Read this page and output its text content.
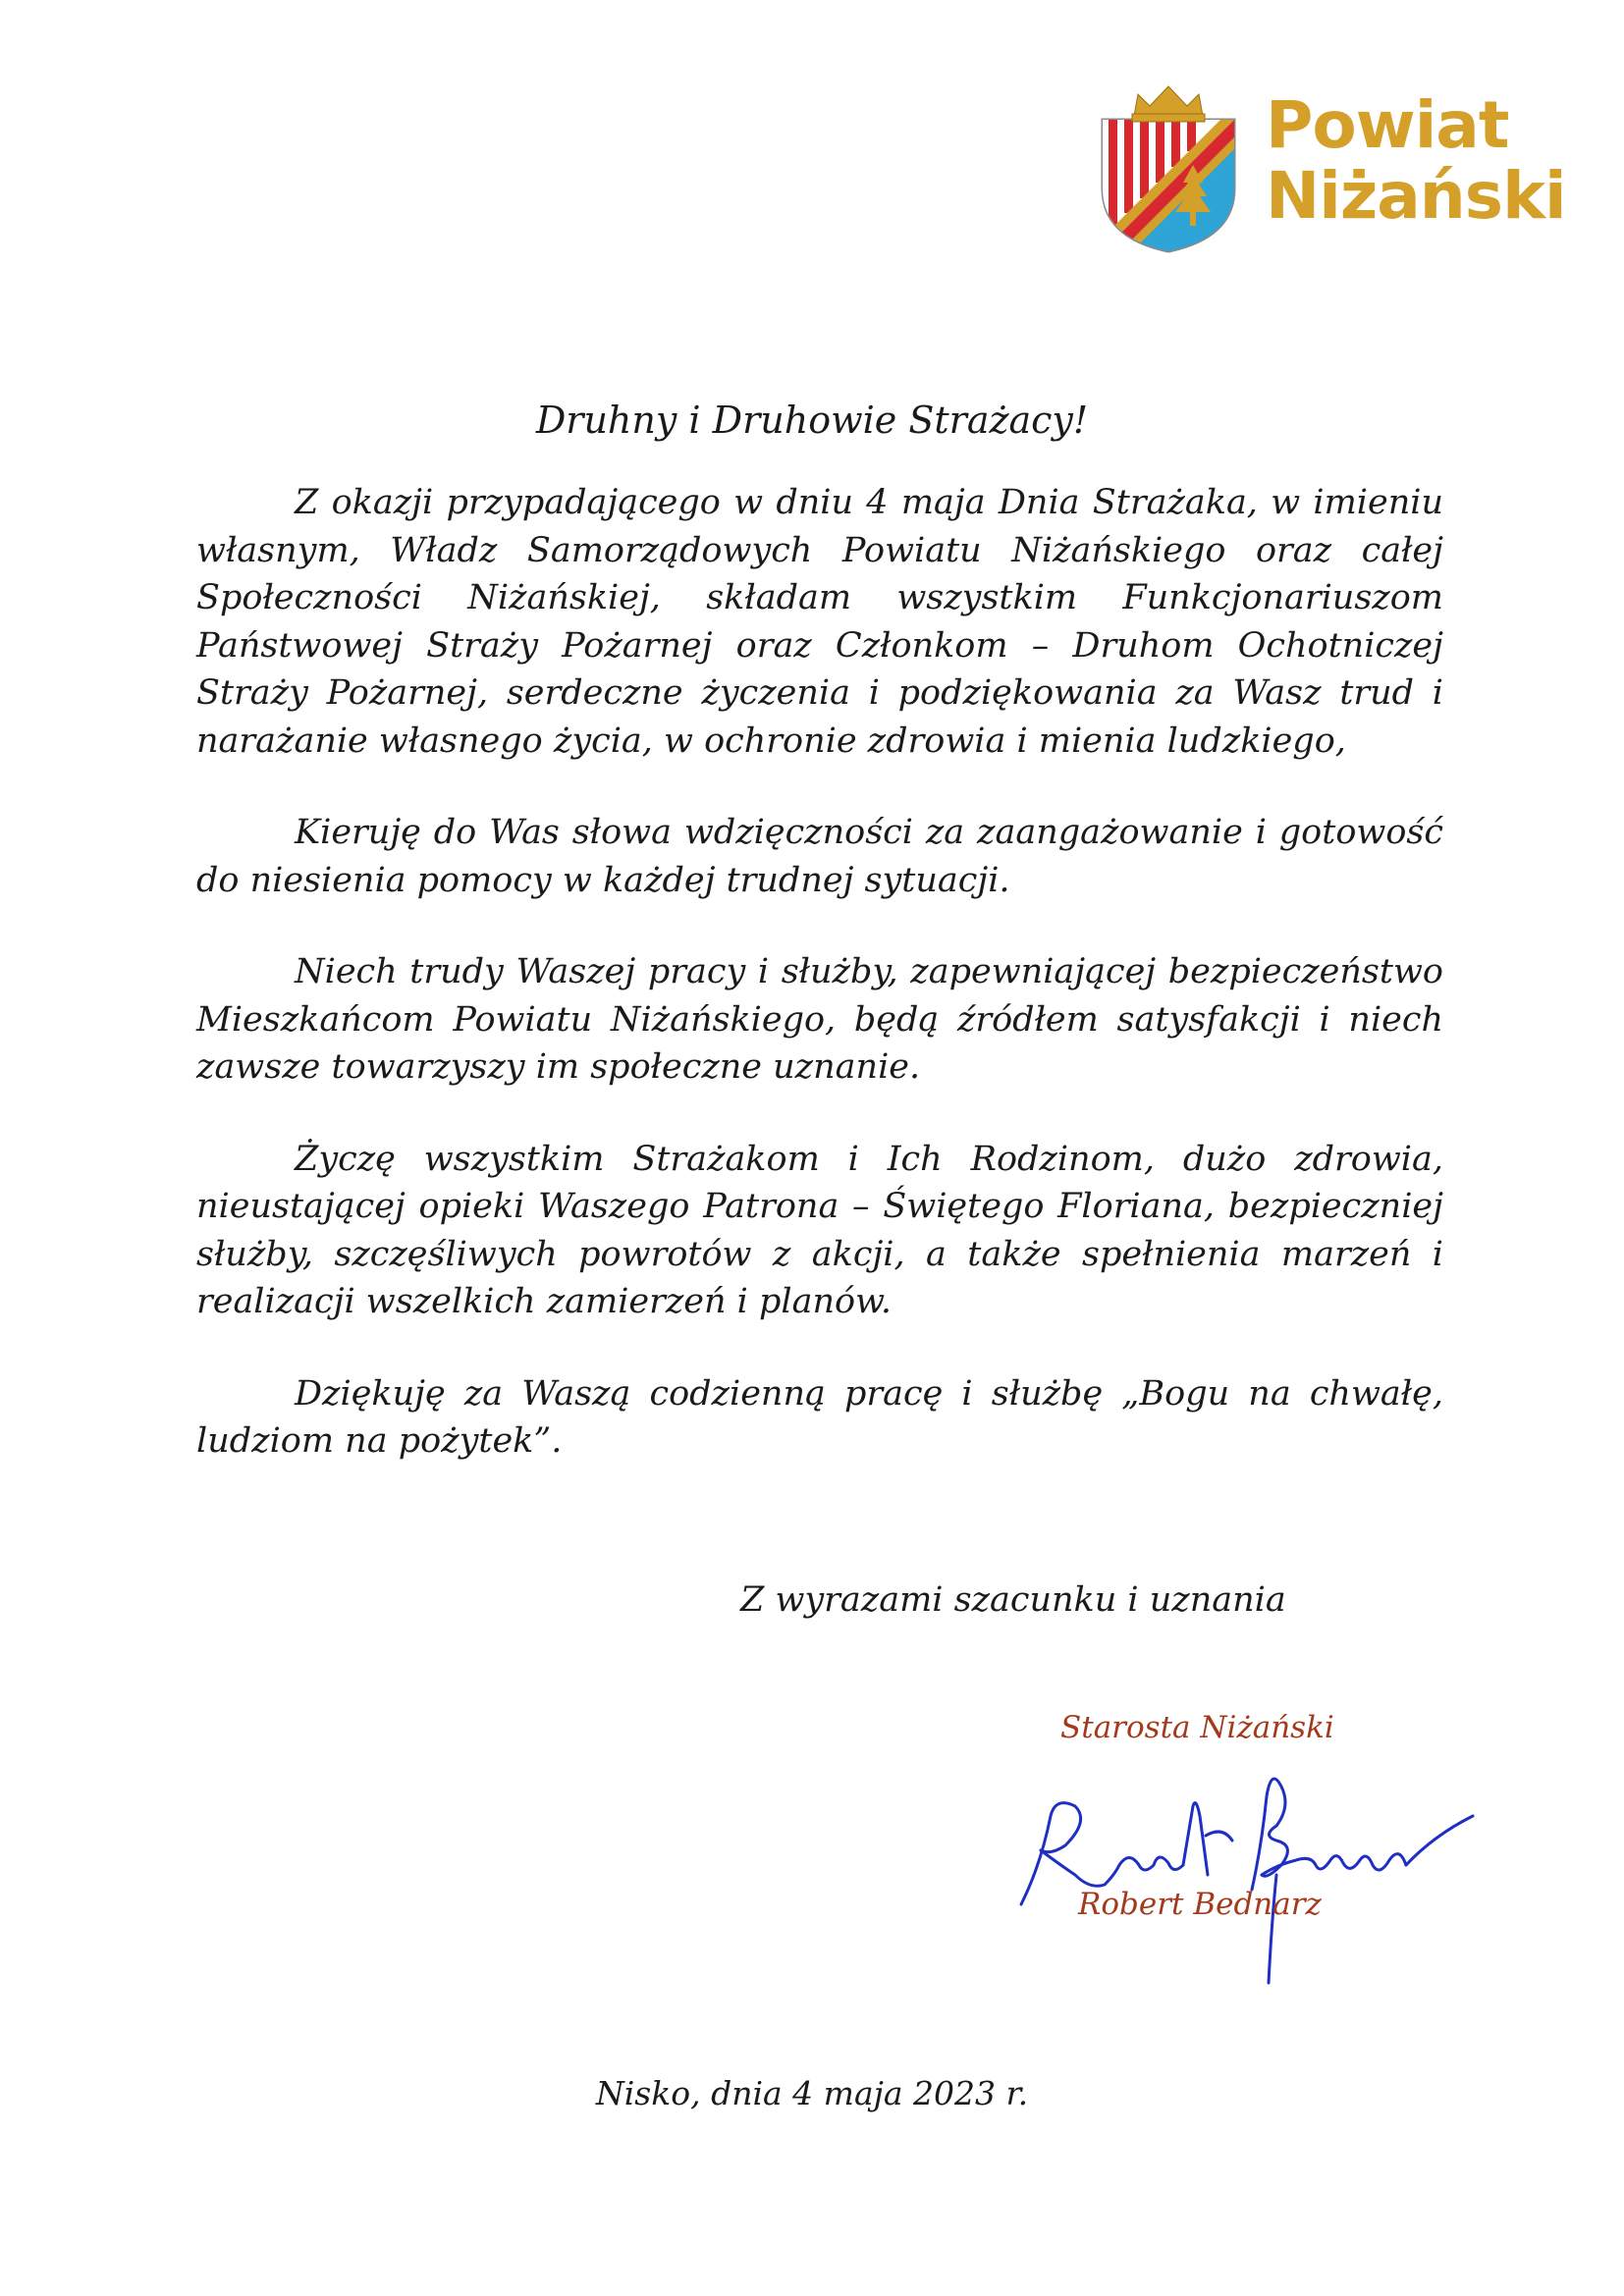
Powiat
Niżański
Druhny i Druhowie Strażacy!

Z okazji przypadającego w dniu 4 maja Dnia Strażaka, w imieniu własnym, Władz Samorządowych Powiatu Niżańskiego oraz całej Społeczności Niżańskiej, składam wszystkim Funkcjonariuszom Państwowej Straży Pożarnej oraz Członkom – Druhom Ochotniczej Straży Pożarnej, serdeczne życzenia i podziękowania za Wasz trud i narażanie własnego życia, w ochronie zdrowia i mienia ludzkiego,

Kieruję do Was słowa wdzięczności za zaangażowanie i gotowość do niesienia pomocy w każdej trudnej sytuacji.

Niech trudy Waszej pracy i służby, zapewniającej bezpieczeństwo Mieszkańcom Powiatu Niżańskiego, będą źródłem satysfakcji i niech zawsze towarzyszy im społeczne uznanie.

Życzę wszystkim Strażakom i Ich Rodzinom, dużo zdrowia, nieustającej opieki Waszego Patrona – Świętego Floriana, bezpieczniej służby, szczęśliwych powrotów z akcji, a także spełnienia marzeń i realizacji wszelkich zamierzeń i planów.

Dziękuję za Waszą codzienną pracę i służbę „Bogu na chwałę, ludziom na pożytek”.

Z wyrazami szacunku i uznania
Starosta Niżański
Robert Bednarz
Nisko, dnia 4 maja 2023 r.
